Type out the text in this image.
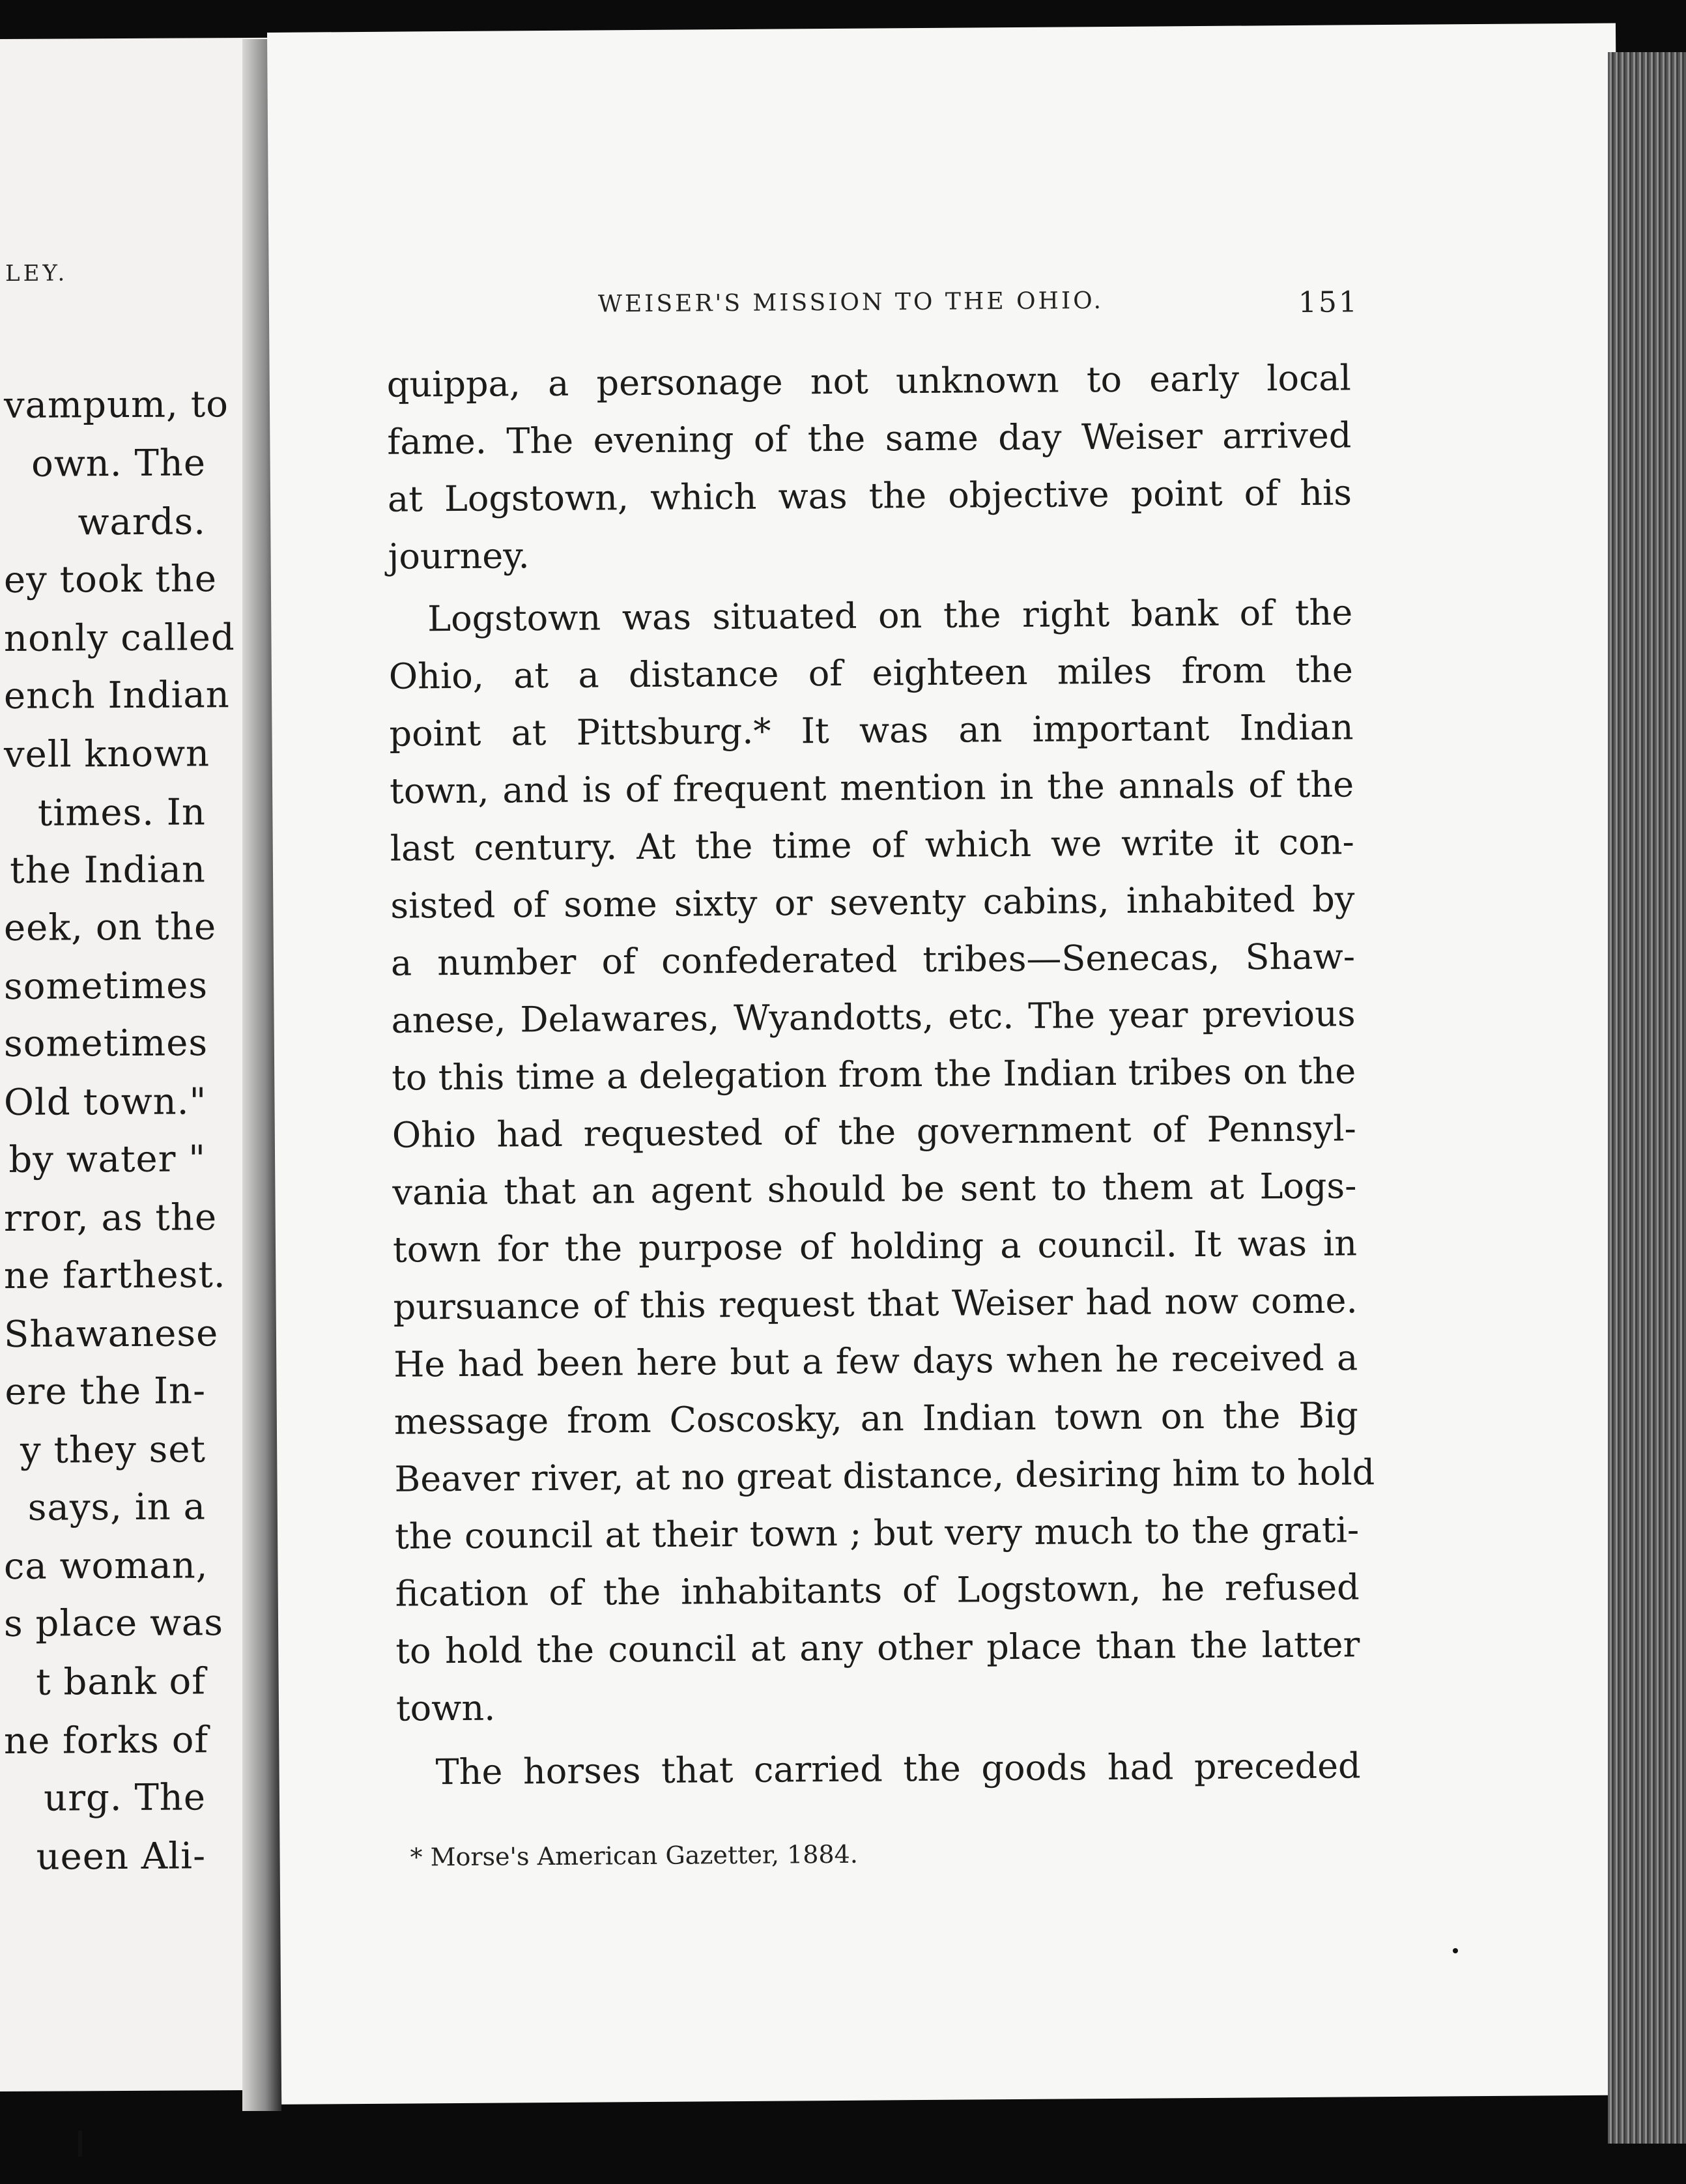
LEY.
vampum, to
own. The
wards.
ey took the
nonly called
ench Indian
vell known
times. In
the Indian
eek, on the
sometimes
sometimes
Old town."
by water "
rror, as the
ne farthest.
Shawanese
ere the In-
y they set
says, in a
ca woman,
s place was
t bank of
ne forks of
urg. The
ueen Ali-
WEISER'S MISSION TO THE OHIO.	151
quippa, a personage not unknown to early local
fame. The evening of the same day Weiser arrived
at Logstown, which was the objective point of his
journey.
Logstown was situated on the right bank of the
Ohio, at a distance of eighteen miles from the
point at Pittsburg.* It was an important Indian
town, and is of frequent mention in the annals of the
last century. At the time of which we write it con-
sisted of some sixty or seventy cabins, inhabited by
a number of confederated tribes—Senecas, Shaw-
anese, Delawares, Wyandotts, etc. The year previous
to this time a delegation from the Indian tribes on the
Ohio had requested of the government of Pennsyl-
vania that an agent should be sent to them at Logs-
town for the purpose of holding a council. It was in
pursuance of this request that Weiser had now come.
He had been here but a few days when he received a
message from Coscosky, an Indian town on the Big
Beaver river, at no great distance, desiring him to hold
the council at their town ; but very much to the grati-
fication of the inhabitants of Logstown, he refused
to hold the council at any other place than the latter
town.
The horses that carried the goods had preceded
* Morse's American Gazetter, 1884.
